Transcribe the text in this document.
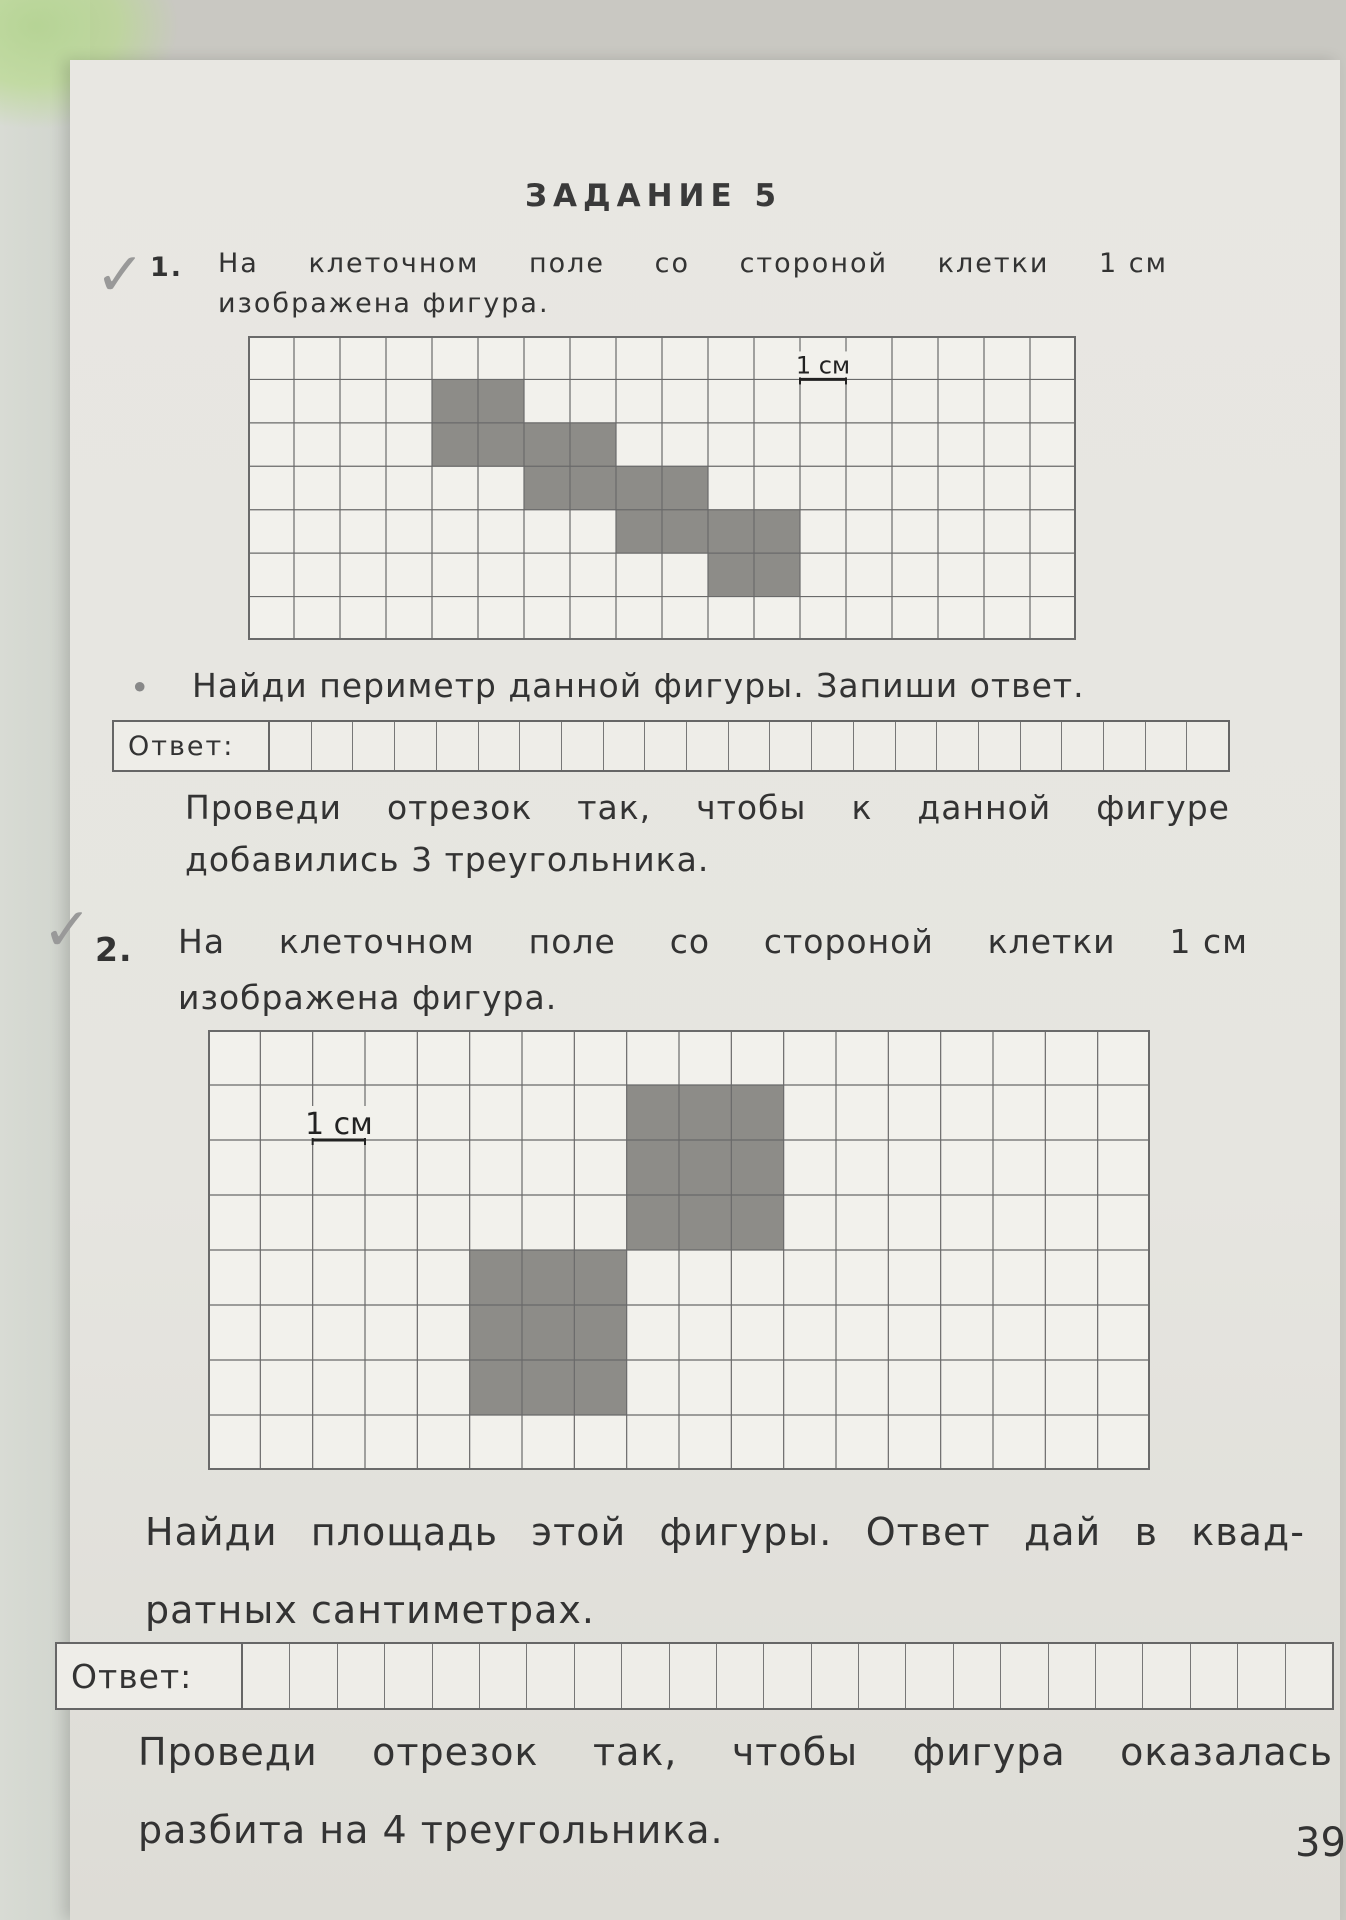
ЗАДАНИЕ 5
✓ 1. На клеточном поле со стороной клетки 1 см
изображена фигура.
1 см
• Найди периметр данной фигуры. Запиши ответ.
Ответ:
Проведи отрезок так, чтобы к данной фигуре
добавились 3 треугольника.
✓ 2. На клеточном поле со стороной клетки 1 см
изображена фигура.
1 см
Найди площадь этой фигуры. Ответ дай в квад-
ратных сантиметрах.
Ответ:
Проведи отрезок так, чтобы фигура оказалась
разбита на 4 треугольника.	39
